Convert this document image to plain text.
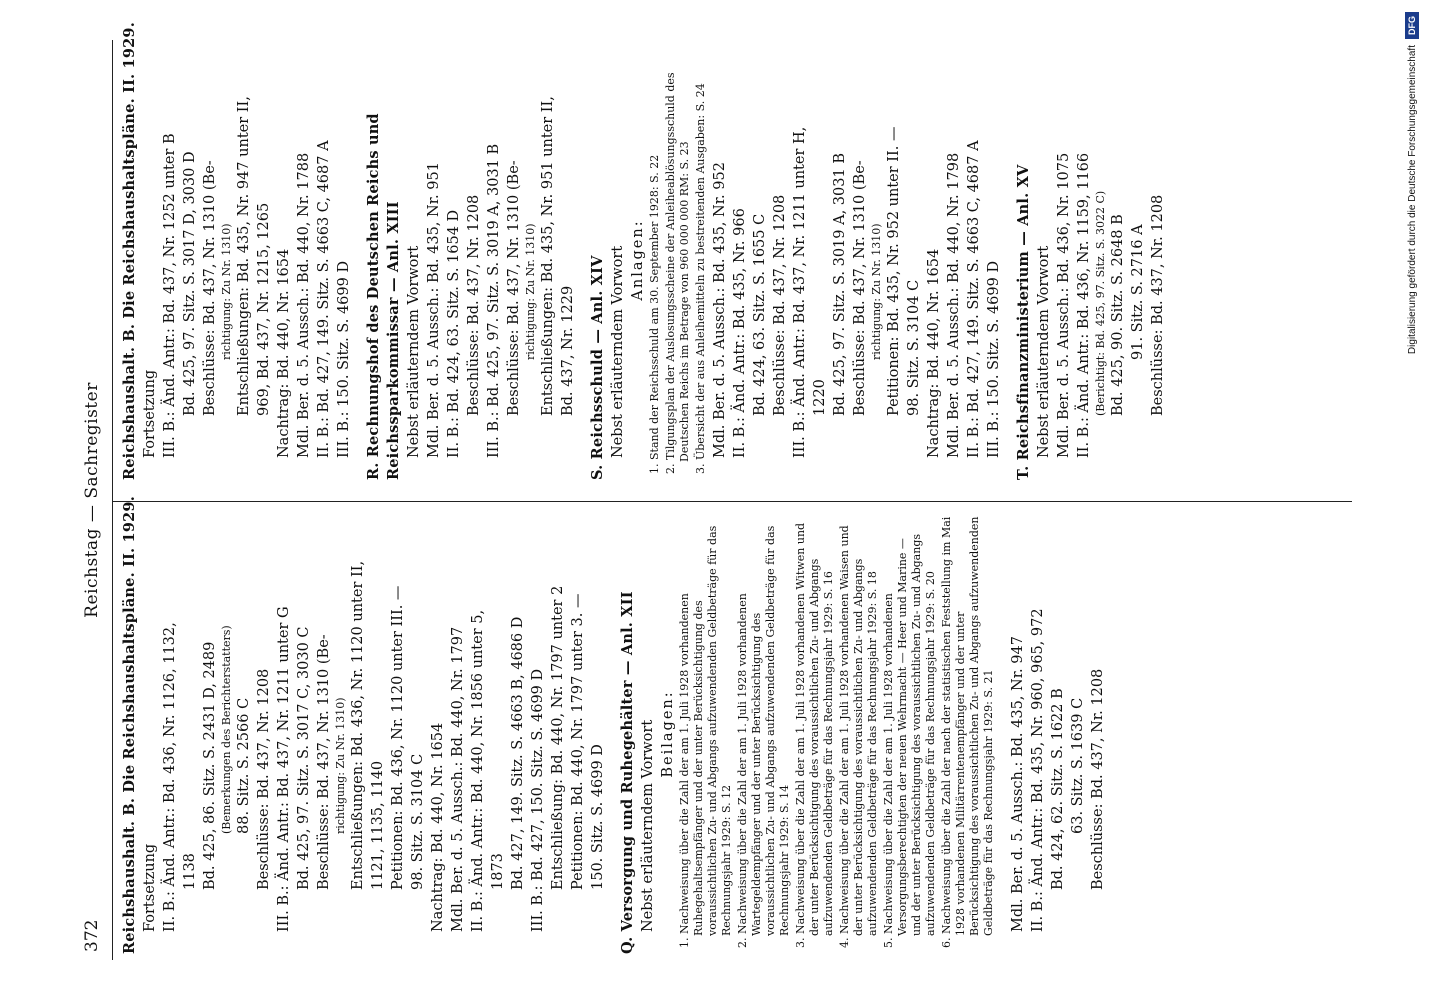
372
Reichstag — Sachregister Reichshaushalt. B. Die Reichshaushaltspläne. II. 1929. Fortsetzung II. B.: Änd. Antr.: Bd. 436, Nr. 1126, 1132, 1138 Bd. 425, 86. Sitz. S. 2431 D, 2489 (Bemerkungen des Berichterstatters) 88. Sitz. S. 2566 C Beschlüsse: Bd. 437, Nr. 1208 III. B.: Änd. Antr.: Bd. 437, Nr. 1211 unter G Bd. 425, 97. Sitz. S. 3017 C, 3030 C Beschlüsse: Bd. 437, Nr. 1310 (Be- richtigung: Zu Nr. 1310) Entschließungen: Bd. 436, Nr. 1120 unter II, 1121, 1135, 1140 Petitionen: Bd. 436, Nr. 1120 unter III. — 98. Sitz. S. 3104 C Nachtrag: Bd. 440, Nr. 1654 Mdl. Ber. d. 5. Aussch.: Bd. 440, Nr. 1797 II. B.: Änd. Antr.: Bd. 440, Nr. 1856 unter 5, 1873 Bd. 427, 149. Sitz. S. 4663 B, 4686 D III. B.: Bd. 427, 150. Sitz. S. 4699 D Entschließung: Bd. 440, Nr. 1797 unter 2 Petitionen: Bd. 440, Nr. 1797 unter 3. — 150. Sitz. S. 4699 D Q. Versorgung und Ruhegehälter — Anl. XII Nebst erläuterndem Vorwort Beilagen: 1. Nachweisung über die Zahl der am 1. Juli 1928 vorhandenen Ruhegehaltsempfänger und der unter Berücksichtigung des voraussichtlichen Zu- und Abgangs aufzuwendenden Geldbeträge für das Rechnungsjahr 1929: S. 12 2. Nachweisung über die Zahl der am 1. Juli 1928 vorhandenen Wartegeldempfänger und der unter Berücksichtigung des voraussichtlichen Zu- und Abgangs aufzuwendenden Geldbeträge für das Rechnungsjahr 1929: S. 14 3. Nachweisung über die Zahl der am 1. Juli 1928 vorhandenen Witwen und der unter Berücksichtigung des voraussichtlichen Zu- und Abgangs aufzuwendenden Geldbeträge für das Rechnungsjahr 1929: S. 16 4. Nachweisung über die Zahl der am 1. Juli 1928 vorhandenen Waisen und der unter Berücksichtigung des voraussichtlichen Zu- und Abgangs aufzuwendenden Geldbeträge für das Rechnungsjahr 1929: S. 18 5. Nachweisung über die Zahl der am 1. Juli 1928 vorhandenen Versorgungsberechtigten der neuen Wehrmacht — Heer und Marine — und der unter Berücksichtigung des voraussichtlichen Zu- und Abgangs aufzuwendenden Geldbeträge für das Rechnungsjahr 1929: S. 20 6. Nachweisung über die Zahl der nach der statistischen Feststellung im Mai 1928 vorhandenen Militärrentenempfänger und der unter Berücksichtigung des voraussichtlichen Zu- und Abgangs aufzuwendenden Geldbeträge für das Rechnungsjahr 1929: S. 21 Mdl. Ber. d. 5. Aussch.: Bd. 435, Nr. 947 II. B.: Änd. Antr.: Bd. 435, Nr. 960, 965, 972 Bd. 424, 62. Sitz. S. 1622 B 63. Sitz. S. 1639 C Beschlüsse: Bd. 437, Nr. 1208
Reichshaushalt. B. Die Reichshaushaltspläne. II. 1929. Fortsetzung III. B.: Änd. Antr.: Bd. 437, Nr. 1252 unter B Bd. 425, 97. Sitz. S. 3017 D, 3030 D Beschlüsse: Bd. 437, Nr. 1310 (Be- richtigung: Zu Nr. 1310) Entschließungen: Bd. 435, Nr. 947 unter II, 969, Bd. 437, Nr. 1215, 1265 Nachtrag: Bd. 440, Nr. 1654 Mdl. Ber. d. 5. Aussch.: Bd. 440, Nr. 1788 II. B.: Bd. 427, 149. Sitz. S. 4663 C, 4687 A III. B.: 150. Sitz. S. 4699 D R. Rechnungshof des Deutschen Reichs und Reichssparkommissar — Anl. XIII Nebst erläuterndem Vorwort Mdl. Ber. d. 5. Aussch.: Bd. 435, Nr. 951 II. B.: Bd. 424, 63. Sitz. S. 1654 D Beschlüsse: Bd. 437, Nr. 1208 III. B.: Bd. 425, 97. Sitz. S. 3019 A, 3031 B Beschlüsse: Bd. 437, Nr. 1310 (Be- richtigung: Zu Nr. 1310) Entschließungen: Bd. 435, Nr. 951 unter II, Bd. 437, Nr. 1229 S. Reichsschuld — Anl. XIV Nebst erläuterndem Vorwort Anlagen: 1. Stand der Reichsschuld am 30. September 1928: S. 22 2. Tilgungsplan der Auslosungsscheine der Anleiheablösungsschuld des Deutschen Reichs im Betrage von 960 000 000 RM: S. 23 3. Übersicht der aus Anleihemitteln zu bestreitenden Ausgaben: S. 24 Mdl. Ber. d. 5. Aussch.: Bd. 435, Nr. 952 II. B.: Änd. Antr.: Bd. 435, Nr. 966 Bd. 424, 63. Sitz. S. 1655 C Beschlüsse: Bd. 437, Nr. 1208 III. B.: Änd. Antr.: Bd. 437, Nr. 1211 unter H, 1220 Bd. 425, 97. Sitz. S. 3019 A, 3031 B Beschlüsse: Bd. 437, Nr. 1310 (Be- richtigung: Zu Nr. 1310) Petitionen: Bd. 435, Nr. 952 unter II. — 98. Sitz. S. 3104 C Nachtrag: Bd. 440, Nr. 1654 Mdl. Ber. d. 5. Aussch.: Bd. 440, Nr. 1798 II. B.: Bd. 427, 149. Sitz. S. 4663 C, 4687 A III. B.: 150. Sitz. S. 4699 D T. Reichsfinanzministerium — Anl. XV Nebst erläuterndem Vorwort Mdl. Ber. d. 5. Aussch.: Bd. 436, Nr. 1075 II. B.: Änd. Antr.: Bd. 436, Nr. 1159, 1166 (Berichtigt: Bd. 425, 97. Sitz. S. 3022 C) Bd. 425, 90. Sitz. S. 2648 B 91. Sitz. S. 2716 A Beschlüsse: Bd. 437, Nr. 1208	Digitalisierung gefördert durch die Deutsche ForschungsgemeinschaftDFG
